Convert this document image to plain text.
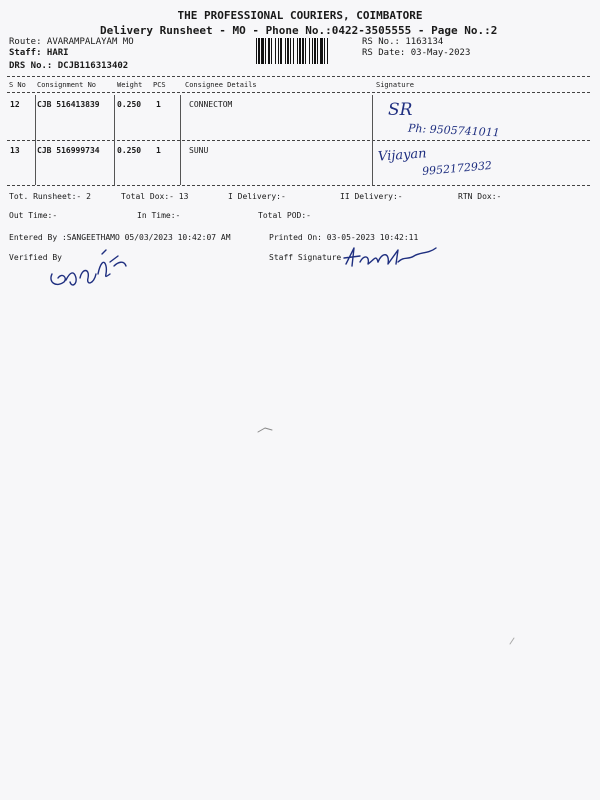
THE PROFESSIONAL COURIERS, COIMBATORE
Delivery Runsheet - MO - Phone No.:0422-3505555 - Page No.:2
Route: AVARAMPALAYAM MO
Staff: HARI
DRS No.: DCJB116313402
RS No.: 1163134
RS Date: 03-May-2023
S No Consignment No	Weight PCS	Consignee Details	Signature
12 CJB 516413839 0.250 1	CONNECTOM	SR
Ph: 9505741011
13 CJB 516999734 0.250 1	SUNU	Vijayan
9952172932
Tot. Runsheet:- 2	Total Dox:- 13	I Delivery:-	II Delivery:-	RTN Dox:-
Out Time:-	In Time:-	Total POD:-
Entered By :SANGEETHAMO 05/03/2023 10:42:07 AM	Printed On: 03-05-2023 10:42:11
Verified By	Staff Signature
